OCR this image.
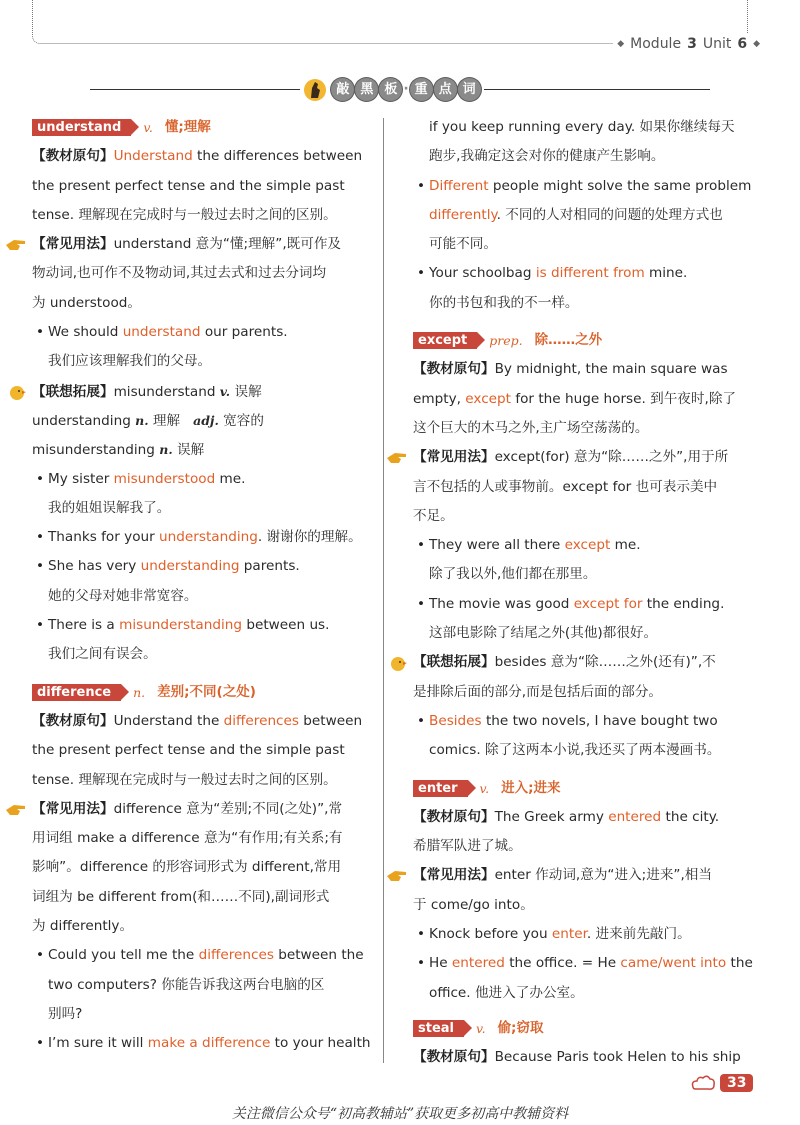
◆ Module 3 Unit 6 ◆
敲 黑 板 · 重 点 词
understand	v. 懂;理解
【教材原句】Understand the differences between
the present perfect tense and the simple past
tense. 理解现在完成时与一般过去时之间的区别。
【常见用法】understand 意为“懂;理解”,既可作及
物动词,也可作不及物动词,其过去式和过去分词均
为 understood。
• We should understand our parents.
我们应该理解我们的父母。
【联想拓展】misunderstand v. 误解
understanding n. 理解   adj. 宽容的
misunderstanding n. 误解
• My sister misunderstood me.
我的姐姐误解我了。
• Thanks for your understanding. 谢谢你的理解。
• She has very understanding parents.
她的父母对她非常宽容。
• There is a misunderstanding between us.
我们之间有误会。
difference	n. 差别;不同(之处)
【教材原句】Understand the differences between
the present perfect tense and the simple past
tense. 理解现在完成时与一般过去时之间的区别。
【常见用法】difference 意为“差别;不同(之处)”,常
用词组 make a difference 意为“有作用;有关系;有
影响”。difference 的形容词形式为 different,常用
词组为 be different from(和……不同),副词形式
为 differently。
• Could you tell me the differences between the
two computers? 你能告诉我这两台电脑的区
别吗?
• I’m sure it will make a difference to your health
if you keep running every day. 如果你继续每天
跑步,我确定这会对你的健康产生影响。
• Different people might solve the same problem
differently. 不同的人对相同的问题的处理方式也
可能不同。
• Your schoolbag is different from mine.
你的书包和我的不一样。
except	prep. 除……之外
【教材原句】By midnight, the main square was
empty, except for the huge horse. 到午夜时,除了
这个巨大的木马之外,主广场空荡荡的。
【常见用法】except(for) 意为“除……之外”,用于所
言不包括的人或事物前。except for 也可表示美中
不足。
• They were all there except me.
除了我以外,他们都在那里。
• The movie was good except for the ending.
这部电影除了结尾之外(其他)都很好。
【联想拓展】besides 意为“除……之外(还有)”,不
是排除后面的部分,而是包括后面的部分。
• Besides the two novels, I have bought two
comics. 除了这两本小说,我还买了两本漫画书。
enter	v. 进入;进来
【教材原句】The Greek army entered the city.
希腊军队进了城。
【常见用法】enter 作动词,意为“进入;进来”,相当
于 come/go into。
• Knock before you enter. 进来前先敲门。
• He entered the office. = He came/went into the
office. 他进入了办公室。
steal	v. 偷;窃取
【教材原句】Because Paris took Helen to his ship
33
关注微信公众号“初高教辅站”获取更多初高中教辅资料
